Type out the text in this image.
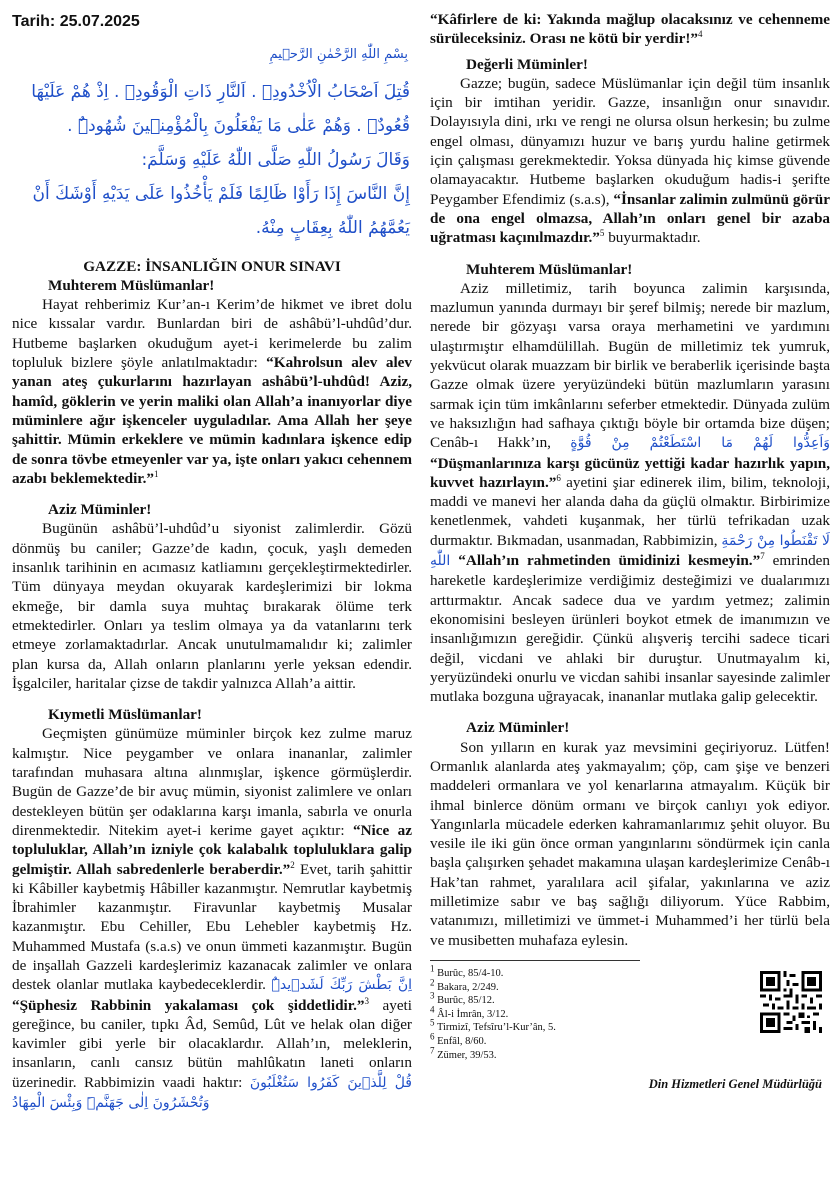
Tarih: 25.07.2025
بِسْمِ اللّٰهِ الرَّحْمٰنِ الرَّح۪يمِ
قُتِلَ اَصْحَابُ الْاُخْدُودِۙ . اَلنَّارِ ذَاتِ الْوَقُودِۙ . اِذْ هُمْ عَلَيْهَا قُعُودٌۙ . وَهُمْ عَلٰى مَا يَفْعَلُونَ بِالْمُؤْمِن۪ينَ شُهُودٌۜ .
وَقَالَ رَسُولُ اللّٰهِ صَلَّى اللّٰهُ عَلَيْهِ وَسَلَّمَ:
إِنَّ النَّاسَ إِذَا رَأَوْا ظَالِمًا فَلَمْ يَأْخُذُوا عَلَى يَدَيْهِ أَوْشَكَ أَنْ يَعُمَّهُمُ اللّٰهُ بِعِقَابٍ مِنْهُ.
GAZZE: İNSANLIĞIN ONUR SINAVI
Muhterem Müslümanlar!

Hayat rehberimiz Kur’an-ı Kerim’de hikmet ve ibret dolu nice kıssalar vardır. Bunlardan biri de ashâbü’l-uhdûd’dur. Hutbeme başlarken okuduğum ayet-i kerimelerde bu zalim topluluk bizlere şöyle anlatılmaktadır: “Kahrolsun alev alev yanan ateş çukurlarını hazırlayan ashâbü’l-uhdûd! Aziz, hamîd, göklerin ve yerin maliki olan Allah’a inanıyorlar diye müminlere ağır işkenceler uyguladılar. Ama Allah her şeye şahittir. Mümin erkeklere ve mümin kadınlara işkence edip de sonra tövbe etmeyenler var ya, işte onları yakıcı cehennem azabı beklemektedir.”$^1$

Aziz Müminler!

Bugünün ashâbü’l-uhdûd’u siyonist zalimlerdir. Gözü dönmüş bu caniler; Gazze’de kadın, çocuk, yaşlı demeden insanlık tarihinin en acımasız katliamını gerçekleştirmektedirler. Tüm dünyaya meydan okuyarak kardeşlerimizi bir lokma ekmeğe, bir damla suya muhtaç bırakarak ölüme terk etmektedirler. Onları ya teslim olmaya ya da vatanlarını terk etmeye zorlamaktadırlar. Ancak unutulmamalıdır ki; zalimler plan kursa da, Allah onların planlarını yerle yeksan edendir. İşgalciler, haritalar çizse de takdir yalnızca Allah’a aittir.

Kıymetli Müslümanlar!

Geçmişten günümüze müminler birçok kez zulme maruz kalmıştır. Nice peygamber ve onlara inananlar, zalimler tarafından muhasara altına alınmışlar, işkence görmüşlerdir. Bugün de Gazze’de bir avuç mümin, siyonist zalimlere ve onları destekleyen bütün şer odaklarına karşı imanla, sabırla ve onurla direnmektedir. Nitekim ayet-i kerime gayet açıktır: “Nice az topluluklar, Allah’ın izniyle çok kalabalık topluluklara galip gelmiştir. Allah sabredenlerle beraberdir.”$^2$ Evet, tarih şahittir ki Kâbiller kaybetmiş Hâbiller kazanmıştır. Nemrutlar kaybetmiş İbrahimler kazanmıştır. Firavunlar kaybetmiş Musalar kazanmıştır. Ebu Cehiller, Ebu Lehebler kaybetmiş Hz. Muhammed Mustafa (s.a.s) ve onun ümmeti kazanmıştır. Bugün de inşallah Gazzeli kardeşlerimiz kazanacak zalimler ve onlara destek olanlar mutlaka kaybedeceklerdir. اِنَّ بَطْشَ رَبِّكَ لَشَد۪يدٌۜ “Şüphesiz Rabbinin yakalaması çok şiddetlidir.”$^3$ ayeti gereğince, bu caniler, tıpkı Âd, Semûd, Lût ve helak olan diğer kavimler gibi yerle bir olacaklardır. Allah’ın, meleklerin, insanların, canlı cansız bütün mahlûkatın laneti onların üzerinedir. Rabbimizin vaadi haktır: قُلْ لِلَّذ۪ينَ كَفَرُوا سَتُغْلَبُونَ وَتُحْشَرُونَ اِلٰى جَهَنَّمَۜ وَبِئْسَ الْمِهَادُ

“Kâfirlere de ki: Yakında mağlup olacaksınız ve cehenneme sürüleceksiniz. Orası ne kötü bir yerdir!”$^4$

Değerli Müminler!

Gazze; bugün, sadece Müslümanlar için değil tüm insanlık için bir imtihan yeridir. Gazze, insanlığın onur sınavıdır. Dolayısıyla dini, ırkı ve rengi ne olursa olsun herkesin; bu zulme engel olması, dünyamızı huzur ve barış yurdu haline getirmek için çalışması gerekmektedir. Yoksa dünyada hiç kimse güvende olamayacaktır. Hutbeme başlarken okuduğum hadis-i şerifte Peygamber Efendimiz (s.a.s), “İnsanlar zalimin zulmünü görür de ona engel olmazsa, Allah’ın onları genel bir azaba uğratması kaçınılmazdır.”$^5$ buyurmaktadır.

Muhterem Müslümanlar!

Aziz milletimiz, tarih boyunca zalimin karşısında, mazlumun yanında durmayı bir şeref bilmiş; nerede bir mazlum, nerede bir gözyaşı varsa oraya merhametini ve yardımını ulaştırmıştır elhamdülillah. Bugün de milletimiz tek yumruk, yekvücut olarak muazzam bir birlik ve beraberlik içerisinde başta Gazze olmak üzere yeryüzündeki bütün mazlumların yarasını sarmak için tüm imkânlarını seferber etmektedir. Dünyada zulüm ve haksızlığın had safhaya çıktığı böyle bir ortamda bize düşen; Cenâb-ı Hakk’ın, وَاَعِدُّوا لَهُمْ مَا اسْتَطَعْتُمْ مِنْ قُوَّةٍ “Düşmanlarınıza karşı gücünüz yettiği kadar hazırlık yapın, kuvvet hazırlayın.”$^6$ ayetini şiar edinerek ilim, bilim, teknoloji, maddi ve manevi her alanda daha da güçlü olmaktır. Birbirimize kenetlenmek, vahdeti kuşanmak, her türlü tefrikadan uzak durmaktır. Bıkmadan, usanmadan, Rabbimizin, لَا تَقْنَطُوا مِنْ رَحْمَةِ اللّٰهِ “Allah’ın rahmetinden ümidinizi kesmeyin.”$^7$ emrinden hareketle kardeşlerimize verdiğimiz desteğimizi ve dualarımızı arttırmaktır. Ancak sadece dua ve yardım yetmez; zalimin ekonomisini besleyen ürünleri boykot etmek de imanımızın ve insanlığımızın gereğidir. Çünkü alışveriş tercihi sadece ticari değil, vicdani ve ahlaki bir duruştur. Unutmayalım ki, yeryüzündeki onurlu ve vicdan sahibi insanlar sayesinde zalimler mutlaka bozguna uğrayacak, inananlar mutlaka galip gelecektir.

Aziz Müminler!

Son yılların en kurak yaz mevsimini geçiriyoruz. Lütfen! Ormanlık alanlarda ateş yakmayalım; çöp, cam şişe ve benzeri maddeleri ormanlara ve yol kenarlarına atmayalım. Küçük bir ihmal binlerce dönüm ormanı ve birçok canlıyı yok ediyor. Yangınlarla mücadele ederken kahramanlarımız şehit oluyor. Bu vesile ile iki gün önce orman yangınlarını söndürmek için canla başla çalışırken şehadet makamına ulaşan kardeşlerimize Cenâb-ı Hak’tan rahmet, yaralılara acil şifalar, yakınlarına ve aziz milletimize sabır ve baş sağlığı diliyorum. Yüce Rabbim, vatanımızı, milletimizi ve ümmet-i Muhammed’i her türlü bela ve musibetten muhafaza eylesin.

$^1$ Burûc, 85/4-10.
$^2$ Bakara, 2/249.
$^3$ Burûc, 85/12.
$^4$ Âl-i İmrân, 3/12.
$^5$ Tirmizî, Tefsîru’l-Kur’ân, 5.
$^6$ Enfâl, 8/60.
$^7$ Zümer, 39/53.
Din Hizmetleri Genel Müdürlüğü
